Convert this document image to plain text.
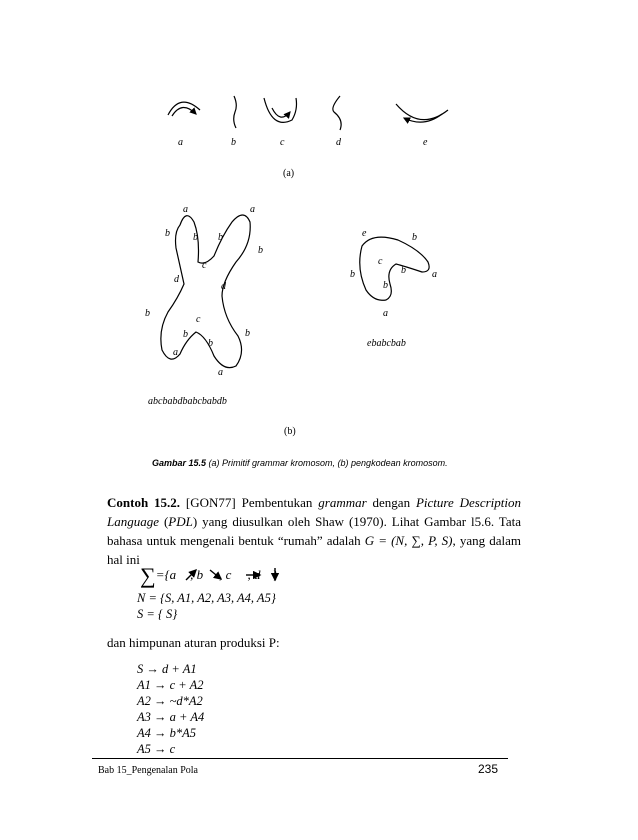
a	b	c	d	e
(a)
a	a
b b b
b
c
d
d
b
c
b	b
b
a
a
abcbabdbabcbabdb
e	b
c
b	a
b
b
a
ebabcbab
(b)
Gambar 15.5 (a) Primitif grammar kromosom, (b) pengkodean kromosom.
Contoh 15.2. [GON77] Pembentukan grammar dengan Picture Description Language (PDL) yang diusulkan oleh Shaw (1970). Lihat Gambar l5.6. Tata bahasa untuk mengenali bentuk “rumah” adalah G = (N, ∑, P, S), yang dalam hal ini
∑={a , b , c , d }
N = {S, A1, A2, A3, A4, A5}
S = { S}
dan himpunan aturan produksi P:
S → d + A1
A1 → c + A2
A2 → ~d*A2
A3 → a + A4
A4 → b*A5
A5 → c
Bab 15_Pengenalan Pola	235
